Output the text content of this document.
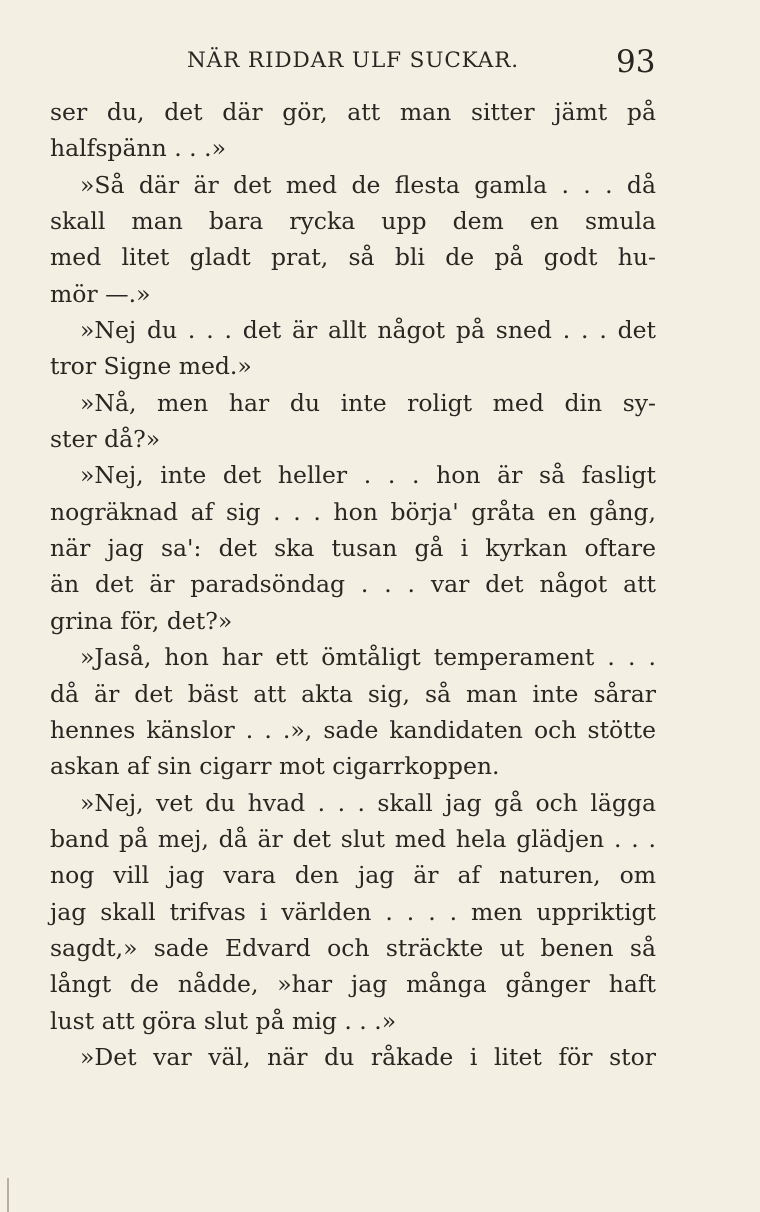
NÄR RIDDAR ULF SUCKAR.	93
ser du, det där gör, att man sitter jämt på
halfspänn . . .»
»Så där är det med de flesta gamla . . . då
skall man bara rycka upp dem en smula
med litet gladt prat, så bli de på godt hu-
mör —.»
»Nej du . . . det är allt något på sned . . . det
tror Signe med.»
»Nå, men har du inte roligt med din sy-
ster då?»
»Nej, inte det heller . . . hon är så fasligt
nogräknad af sig . . . hon börja' gråta en gång,
när jag sa': det ska tusan gå i kyrkan oftare
än det är paradsöndag . . . var det något att
grina för, det?»
»Jaså, hon har ett ömtåligt temperament . . .
då är det bäst att akta sig, så man inte sårar
hennes känslor . . .», sade kandidaten och stötte
askan af sin cigarr mot cigarrkoppen.
»Nej, vet du hvad . . . skall jag gå och lägga
band på mej, då är det slut med hela glädjen . . .
nog vill jag vara den jag är af naturen, om
jag skall trifvas i världen . . . . men uppriktigt
sagdt,» sade Edvard och sträckte ut benen så
långt de nådde, »har jag många gånger haft
lust att göra slut på mig . . .»
»Det var väl, när du råkade i litet för stor
